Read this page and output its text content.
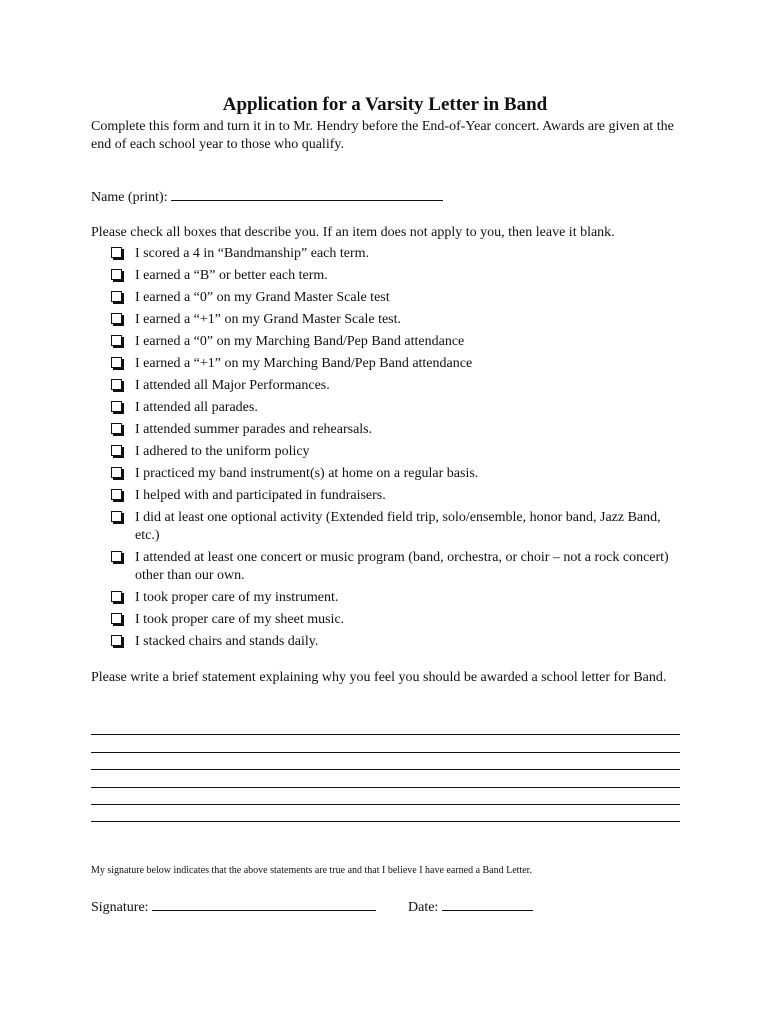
Application for a Varsity Letter in Band
Complete this form and turn it in to Mr. Hendry before the End-of-Year concert. Awards are given at the end of each school year to those who qualify.
Name (print):
Please check all boxes that describe you. If an item does not apply to you, then leave it blank.
I scored a 4 in “Bandmanship” each term.
I earned a “B” or better each term.
I earned a “0” on my Grand Master Scale test
I earned a “+1” on my Grand Master Scale test.
I earned a “0” on my Marching Band/Pep Band attendance
I earned a “+1” on my Marching Band/Pep Band attendance
I attended all Major Performances.
I attended all parades.
I attended summer parades and rehearsals.
I adhered to the uniform policy
I practiced my band instrument(s) at home on a regular basis.
I helped with and participated in fundraisers.
I did at least one optional activity (Extended field trip, solo/ensemble, honor band, Jazz Band, etc.)
I attended at least one concert or music program (band, orchestra, or choir – not a rock concert) other than our own.
I took proper care of my instrument.
I took proper care of my sheet music.
I stacked chairs and stands daily.
Please write a brief statement explaining why you feel you should be awarded a school letter for Band.
My signature below indicates that the above statements are true and that I believe I have earned a Band Letter.
Signature:	Date:
